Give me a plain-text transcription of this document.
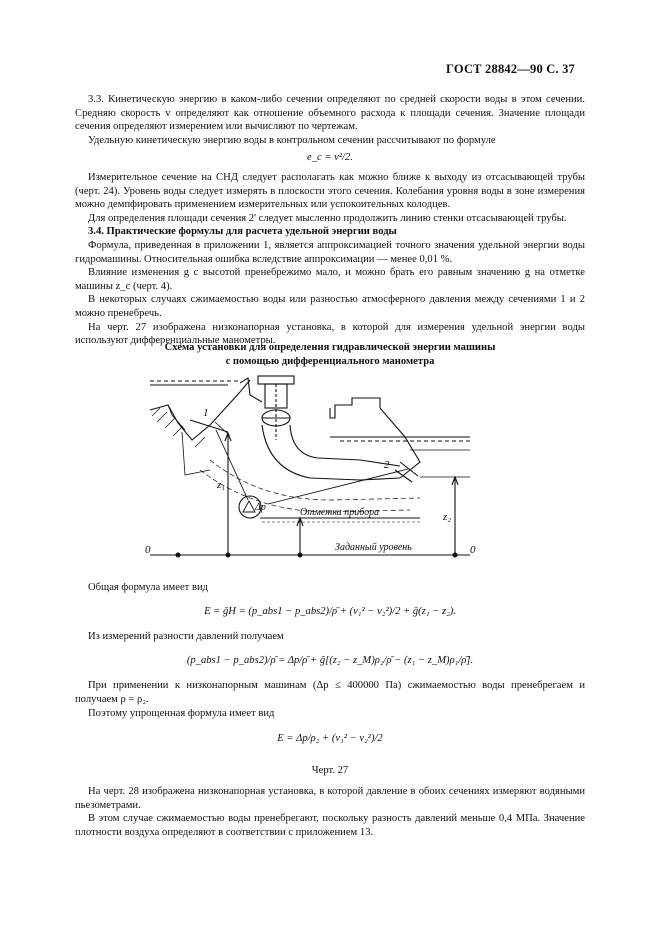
ГОСТ 28842—90 С. 37

3.3. Кинетическую энергию в каком-либо сечении определяют по средней скорости воды в этом сечении. Средняю скорость v определяют как отношение объемного расхода к площади сечения. Значение площади сечения определяют измерением или вычисляют по чертежам.

Удельную кинетическую энергию воды в контрольном сечении рассчитывают по формуле

e_c = v²/2.

Измерительное сечение на СНД следует располагать как можно ближе к выходу из отсасывающей трубы (черт. 24). Уровень воды следует измерять в плоскости этого сечения. Колебания уровня воды в зоне измерения можно демпфировать применением измерительных или успокоительных колодцев.

Для определения площади сечения 2' следует мысленно продолжить линию стенки отсасывающей трубы.

3.4. Практические формулы для расчета удельной энергии воды

Формула, приведенная в приложении 1, является аппроксимацией точного значения удельной энергии воды гидромашины. Относительная ошибка вследствие аппроксимации — менее 0,01 %.

Влияние изменения g с высотой пренебрежимо мало, и можно брать его равным значению g на отметке машины z_c (черт. 4).

В некоторых случаях сжимаемостью воды или разностью атмосферного давления между сечениями 1 и 2 можно пренебречь.

На черт. 27 изображена низконапорная установка, в которой для измерения удельной энергии воды используют дифференциальные манометры.

Схема установки для определения гидравлической энергии машины
с помощью дифференциального манометра
1
2
z₁
z₂
Δp
0	0
Отметка прибора
Заданный уровень

Общая формула имеет вид

E = ḡH = (p_abs1 − p_abs2)/ρ̄ + (v₁² − v₂²)/2 + ḡ(z₁ − z₂).

Из измерений разности давлений получаем

(p_abs1 − p_abs2)/ρ̄ = Δp/ρ̄ + ḡ[(z₂ − z_M)ρ₂/ρ̄ − (z₁ − z_M)ρ₁/ρ̄].

При применении к низконапорным машинам (Δp ≤ 400000 Па) сжимаемостью воды пренебрегаем и получаем ρ = ρ₂.

Поэтому упрощенная формула имеет вид

E = Δp/ρ₂ + (v₁² − v₂²)/2

Черт. 27

На черт. 28 изображена низконапорная установка, в которой давление в обоих сечениях измеряют водяными пьезометрами.

В этом случае сжимаемостью воды пренебрегают, поскольку разность давлений меньше 0,4 МПа. Значение плотности воздуха определяют в соответствии с приложением 13.
